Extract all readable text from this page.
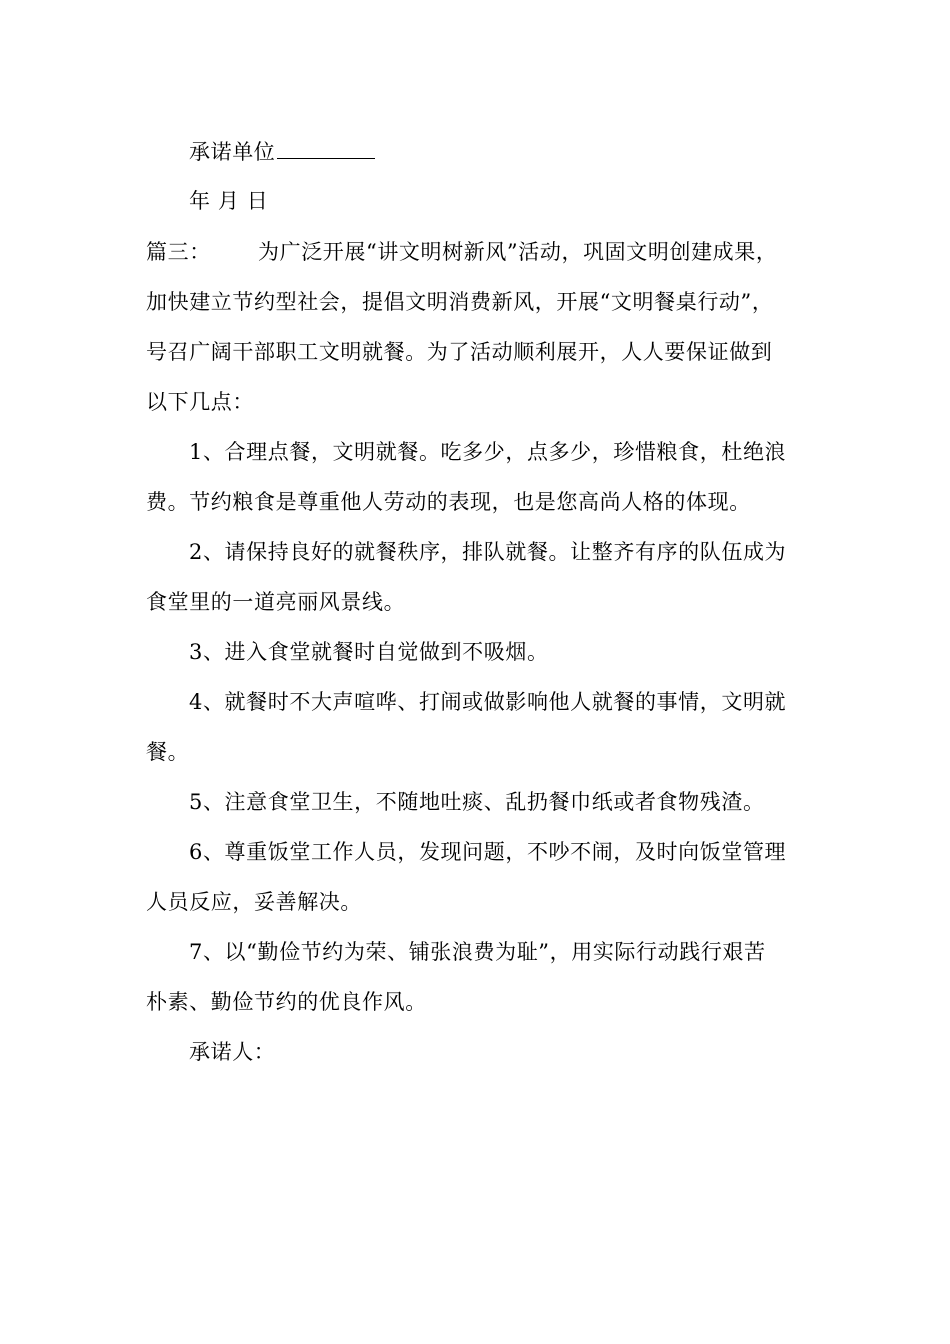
承诺单位
年 月 日
篇三： 为广泛开展“讲文明树新风”活动，巩固文明创建成果，
加快建立节约型社会，提倡文明消费新风，开展“文明餐桌行动”，
号召广阔干部职工文明就餐。为了活动顺利展开，人人要保证做到
以下几点：
1、合理点餐，文明就餐。吃多少，点多少，珍惜粮食，杜绝浪
费。节约粮食是尊重他人劳动的表现，也是您高尚人格的体现。
2、请保持良好的就餐秩序，排队就餐。让整齐有序的队伍成为
食堂里的一道亮丽风景线。
3、进入食堂就餐时自觉做到不吸烟。
4、就餐时不大声喧哗、打闹或做影响他人就餐的事情，文明就
餐。
5、注意食堂卫生，不随地吐痰、乱扔餐巾纸或者食物残渣。
6、尊重饭堂工作人员，发现问题，不吵不闹，及时向饭堂管理
人员反应，妥善解决。
7、以“勤俭节约为荣、铺张浪费为耻”，用实际行动践行艰苦
朴素、勤俭节约的优良作风。
承诺人：
